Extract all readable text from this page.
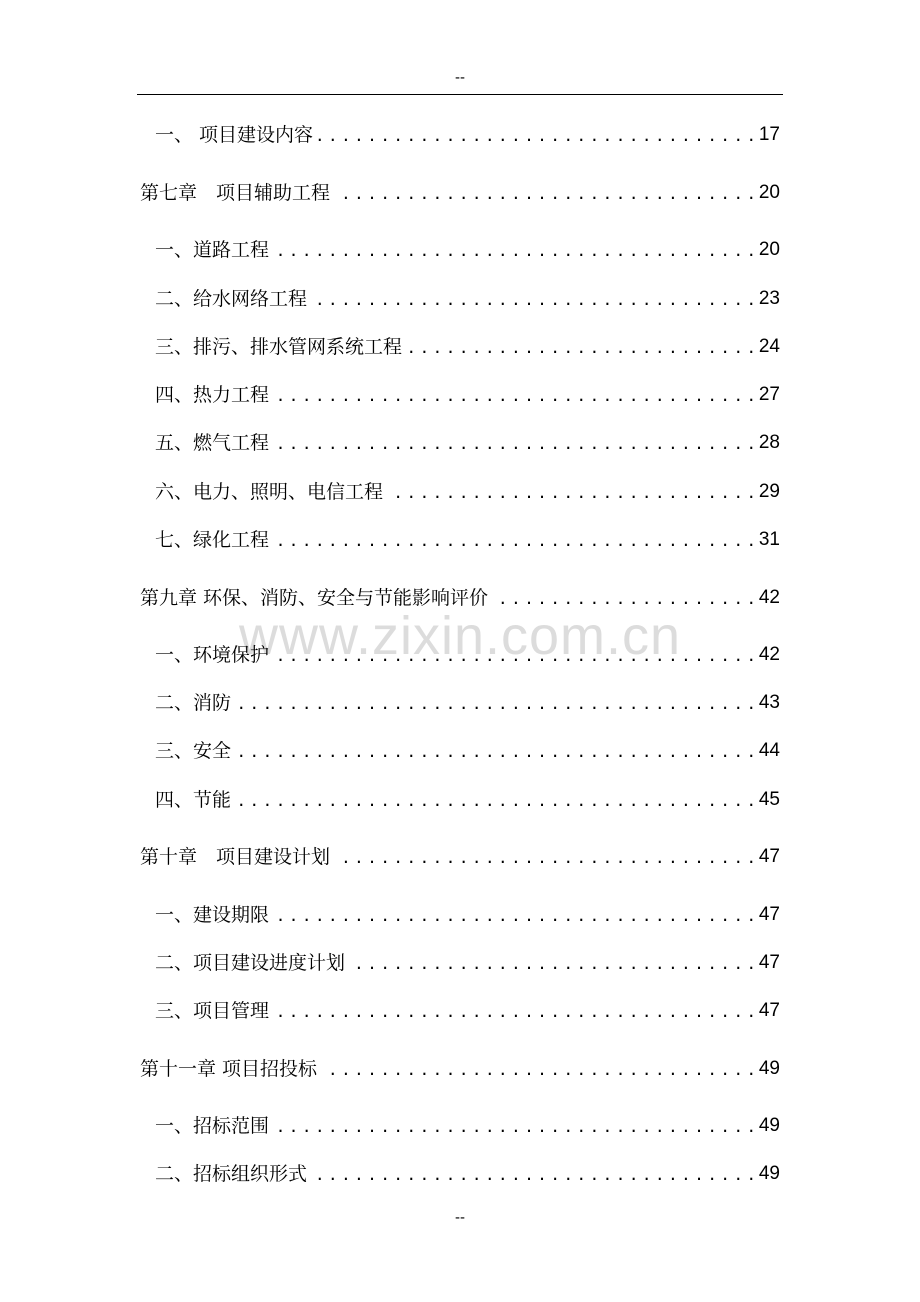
--
www.zixin.com.cn
一、 项目建设内容 . . .	17
第七章　项目辅助工程 . . .	20
一、道路工程 . . .	20
二、给水网络工程 . . .	23
三、排污、排水管网系统工程 . . .	24
四、热力工程 . . .	27
五、燃气工程 . . .	28
六、电力、照明、电信工程 . . .	29
七、绿化工程 . . .	31
第九章 环保、消防、安全与节能影响评价 . . .	42
一、环境保护 . . .	42
二、消防 . . .	43
三、安全 . . .	44
四、节能 . . .	45
第十章　项目建设计划 . . .	47
一、建设期限 . . .	47
二、项目建设进度计划 . . .	47
三、项目管理 . . .	47
第十一章 项目招投标 . . .	49
一、招标范围 . . .	49
二、招标组织形式 . . .	49
--
